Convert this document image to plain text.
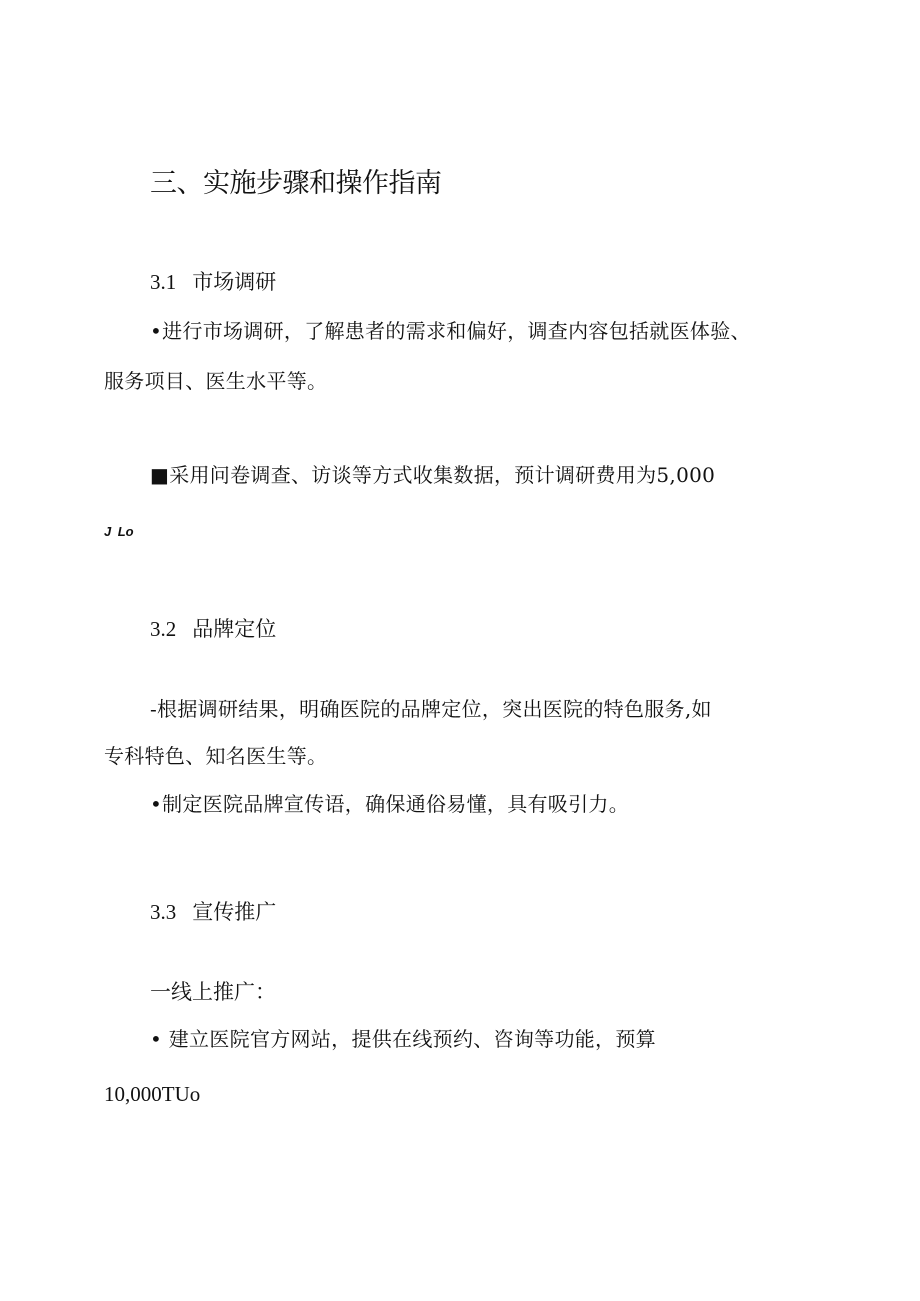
三、实施步骤和操作指南
3.1 市场调研

•进行市场调研，了解患者的需求和偏好，调查内容包括就医体验、

服务项目、医生水平等。

■采用问卷调查、访谈等方式收集数据，预计调研费用为5,000

J Lo

3.2 品牌定位

-根据调研结果，明确医院的品牌定位，突出医院的特色服务,如

专科特色、知名医生等。

•制定医院品牌宣传语，确保通俗易懂，具有吸引力。

3.3 宣传推广

一线上推广：

• 建立医院官方网站，提供在线预约、咨询等功能，预算

10,000TUo
